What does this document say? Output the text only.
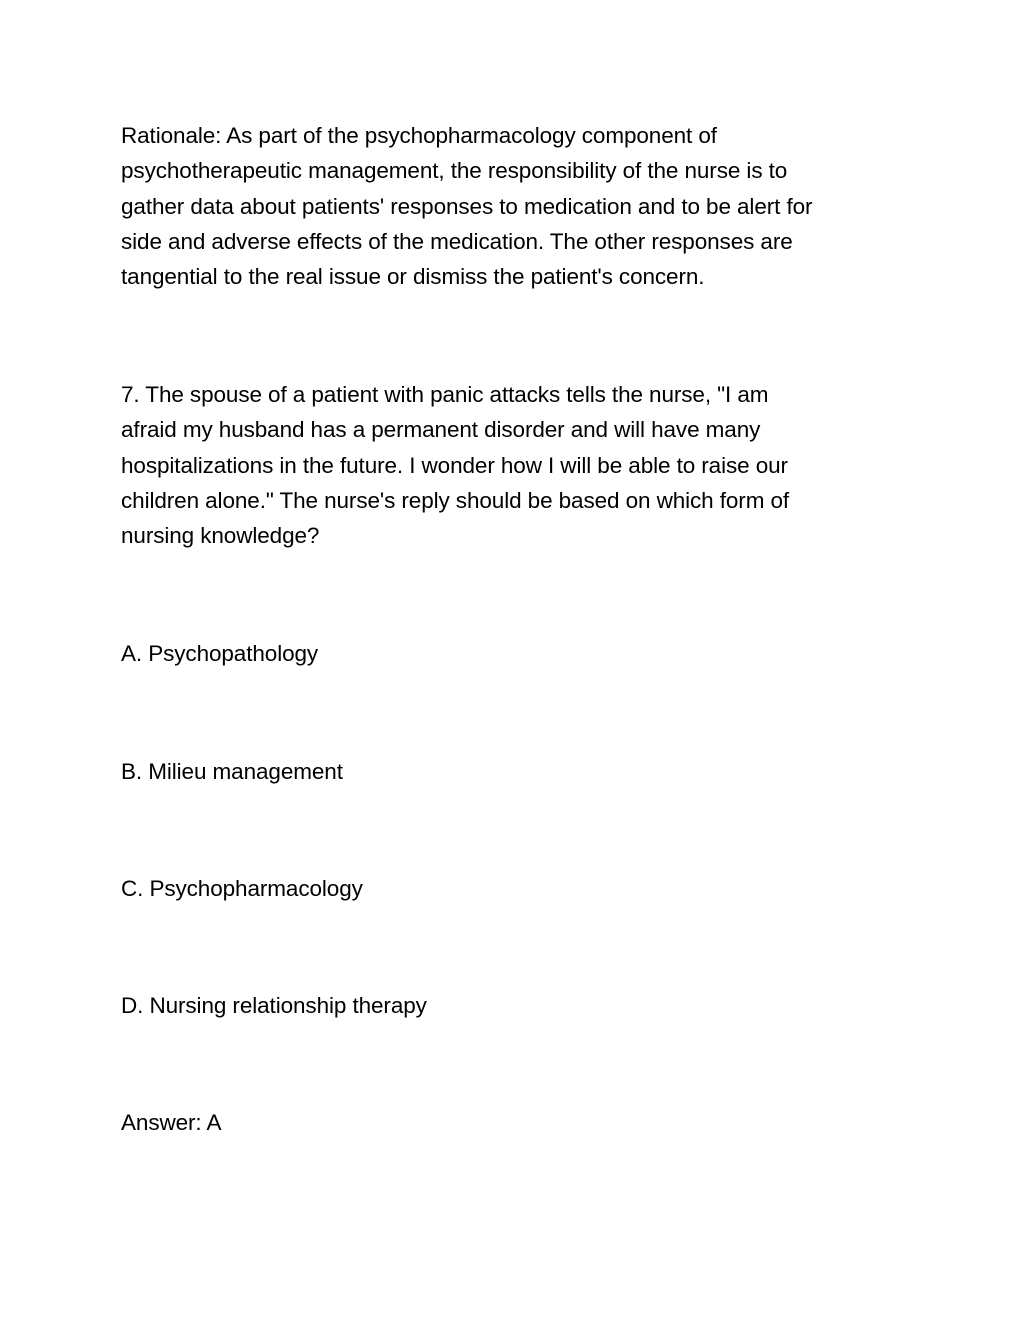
Rationale: As part of the psychopharmacology component of
psychotherapeutic management, the responsibility of the nurse is to
gather data about patients' responses to medication and to be alert for
side and adverse effects of the medication. The other responses are
tangential to the real issue or dismiss the patient's concern.

7. The spouse of a patient with panic attacks tells the nurse, "I am
afraid my husband has a permanent disorder and will have many
hospitalizations in the future. I wonder how I will be able to raise our
children alone." The nurse's reply should be based on which form of
nursing knowledge?

A. Psychopathology

B. Milieu management

C. Psychopharmacology

D. Nursing relationship therapy

Answer: A
